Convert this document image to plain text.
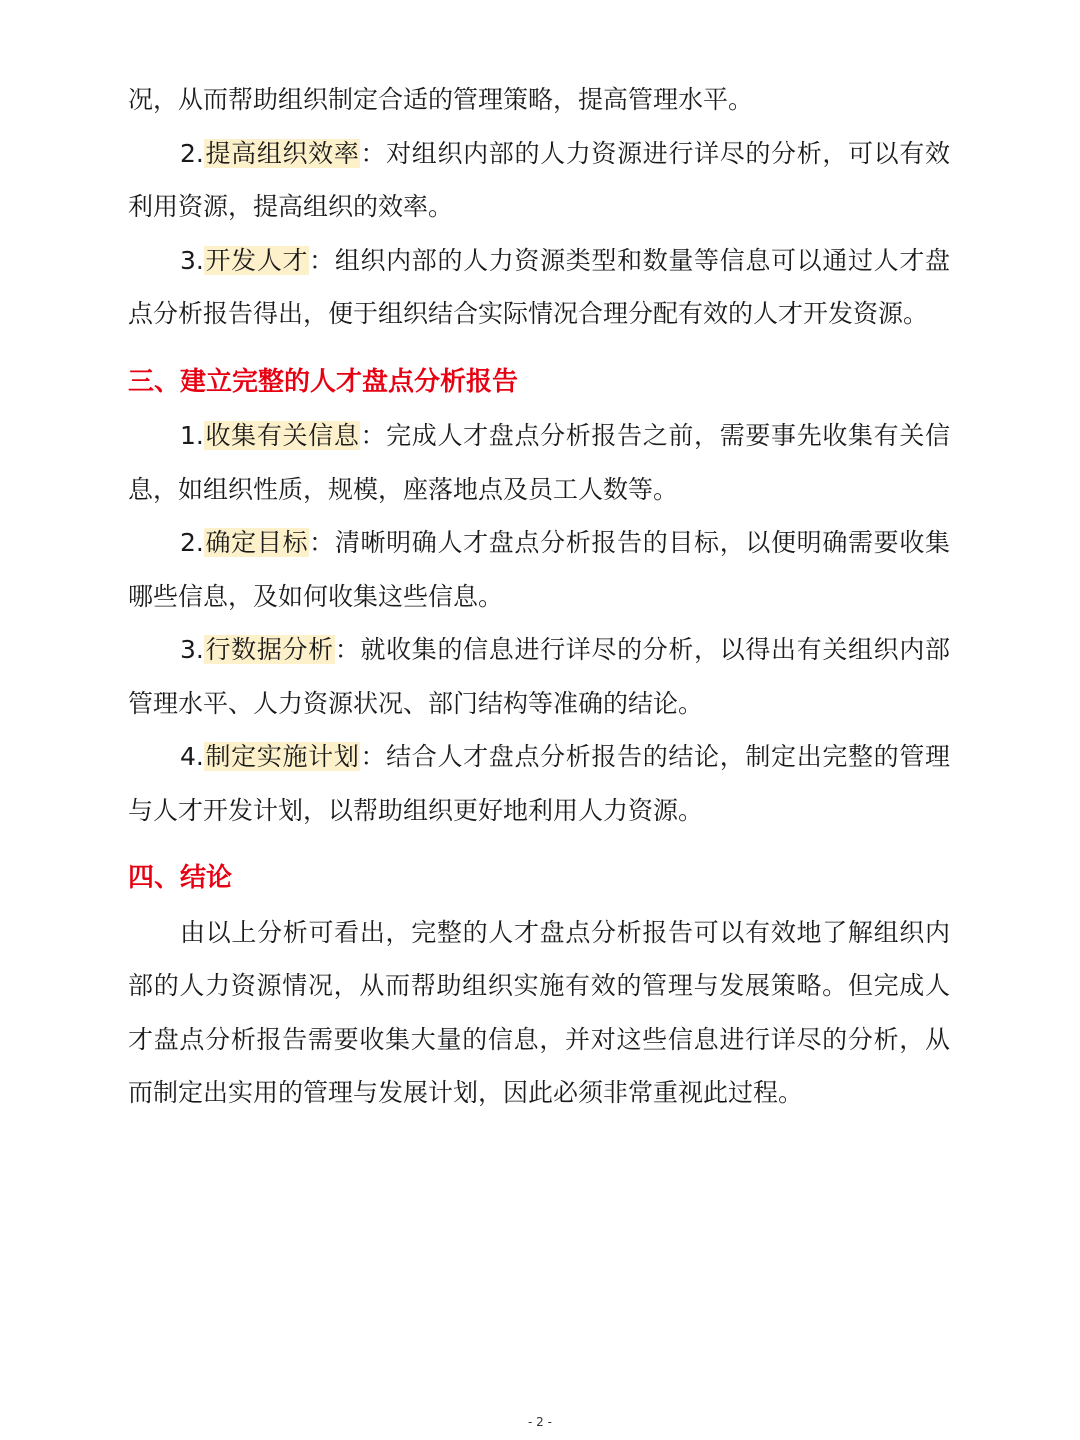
况，从而帮助组织制定合适的管理策略，提高管理水平。

2.提高组织效率：对组织内部的人力资源进行详尽的分析，可以有效利用资源，提高组织的效率。

3.开发人才：组织内部的人力资源类型和数量等信息可以通过人才盘点分析报告得出，便于组织结合实际情况合理分配有效的人才开发资源。

三、建立完整的人才盘点分析报告

1.收集有关信息：完成人才盘点分析报告之前，需要事先收集有关信息，如组织性质，规模，座落地点及员工人数等。

2.确定目标：清晰明确人才盘点分析报告的目标，以便明确需要收集哪些信息，及如何收集这些信息。

3.行数据分析：就收集的信息进行详尽的分析，以得出有关组织内部管理水平、人力资源状况、部门结构等准确的结论。

4.制定实施计划：结合人才盘点分析报告的结论，制定出完整的管理与人才开发计划，以帮助组织更好地利用人力资源。

四、结论

由以上分析可看出，完整的人才盘点分析报告可以有效地了解组织内部的人力资源情况，从而帮助组织实施有效的管理与发展策略。但完成人才盘点分析报告需要收集大量的信息，并对这些信息进行详尽的分析，从而制定出实用的管理与发展计划，因此必须非常重视此过程。

- 2 -
